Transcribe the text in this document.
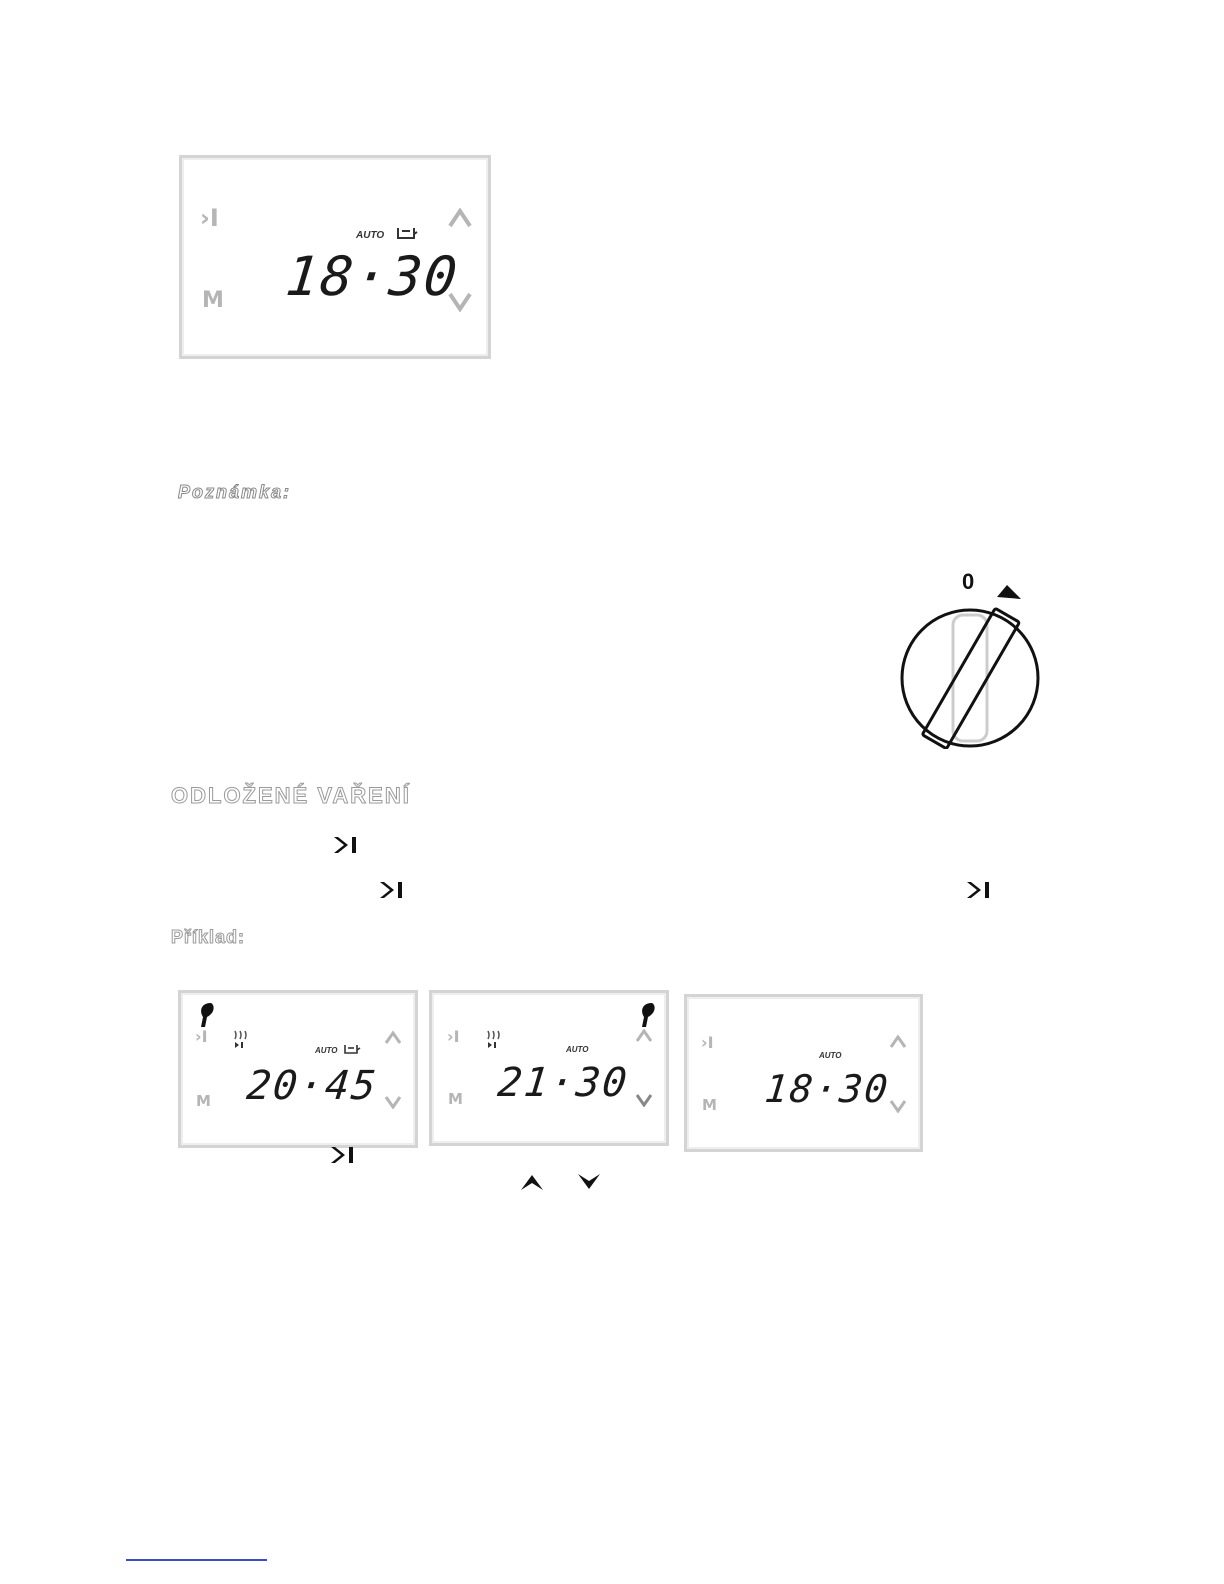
›I
M
AUTO
18·30
Poznámka:
0
ODLOŽENÉ VAŘENÍ
Příklad:
›I
M
AUTO
20·45
›I
M
AUTO
21·30
›I
M
AUTO
18·30
